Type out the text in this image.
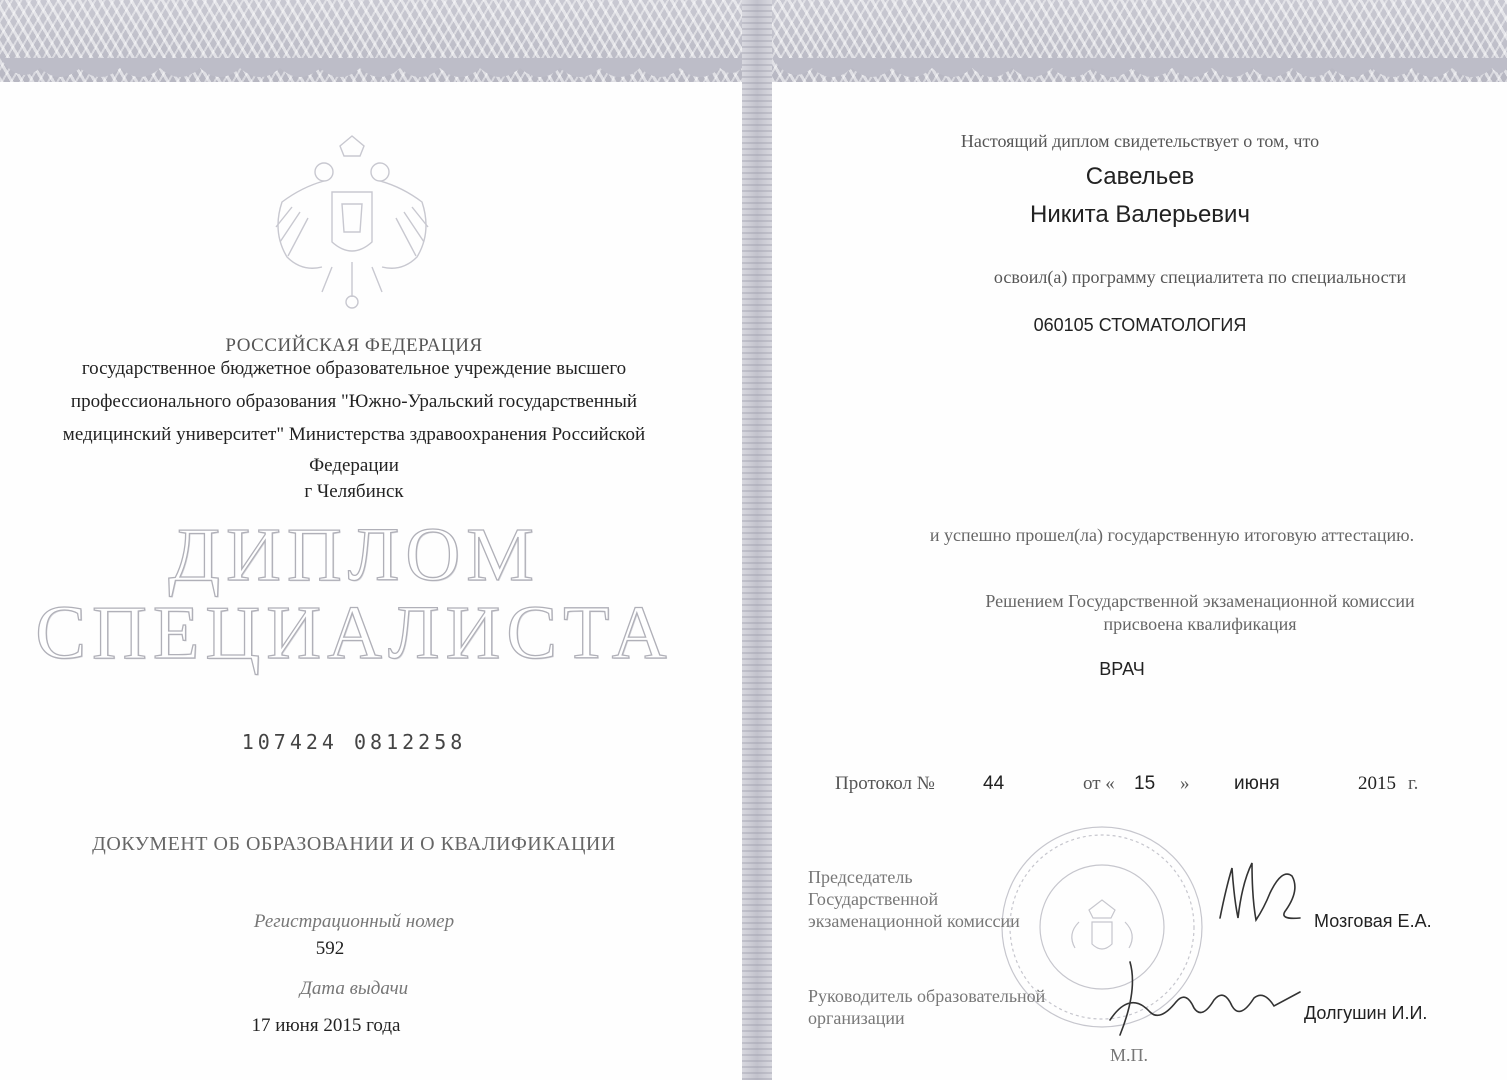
РОССИЙСКАЯ ФЕДЕРАЦИЯ
государственное бюджетное образовательное учреждение высшего
профессионального образования "Южно-Уральский государственный
медицинский университет" Министерства здравоохранения Российской
Федерации
г Челябинск
ДИПЛОМ
СПЕЦИАЛИСТА
107424 0812258
ДОКУМЕНТ ОБ ОБРАЗОВАНИИ И О КВАЛИФИКАЦИИ
Регистрационный номер
592
Дата выдачи
17 июня 2015 года
Настоящий диплом свидетельствует о том, что
Савельев
Никита Валерьевич
освоил(а) программу специалитета по специальности
060105 СТОМАТОЛОГИЯ
и успешно прошел(ла) государственную итоговую аттестацию.
Решением Государственной экзаменационной комиссии
присвоена квалификация
ВРАЧ
Протокол №	44	от « 15 » июня	2015 г.
Председатель
Государственной
экзаменационной комиссии	Мозговая Е.А.
Руководитель образовательной
организации	Долгушин И.И.
М.П.
